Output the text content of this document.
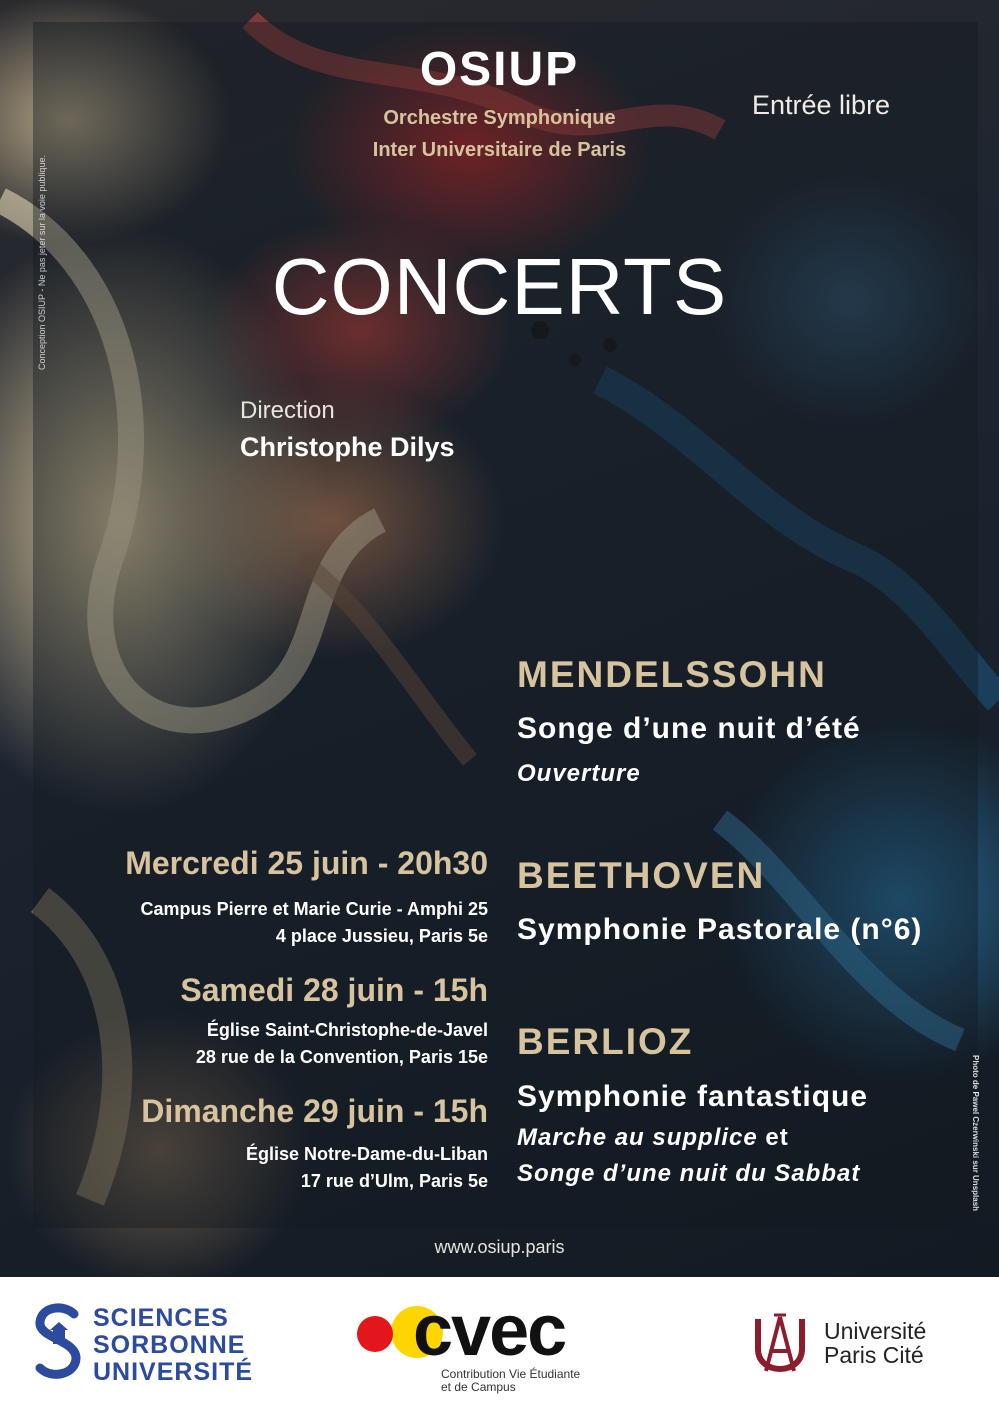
Conception OSIUP - Ne pas jeter sur la voie publique.
Photo de Pawel Czerwinski sur Unsplash
OSIUP
Orchestre Symphonique
Inter Universitaire de Paris
Entrée libre
CONCERTS
Direction
Christophe Dilys
MENDELSSOHN
Songe d’une nuit d’été
Ouverture
BEETHOVEN
Symphonie Pastorale (n°6)
BERLIOZ
Symphonie fantastique
Marche au supplice et
Songe d’une nuit du Sabbat
Mercredi 25 juin - 20h30
Campus Pierre et Marie Curie - Amphi 25
4 place Jussieu, Paris 5e
Samedi 28 juin - 15h
Église Saint-Christophe-de-Javel
28 rue de la Convention, Paris 15e
Dimanche 29 juin - 15h
Église Notre-Dame-du-Liban
17 rue d’Ulm, Paris 5e
www.osiup.paris
SCIENCES
SORBONNE
UNIVERSITÉ
cvec
Contribution Vie Étudiante
et de Campus
Université
Paris Cité
